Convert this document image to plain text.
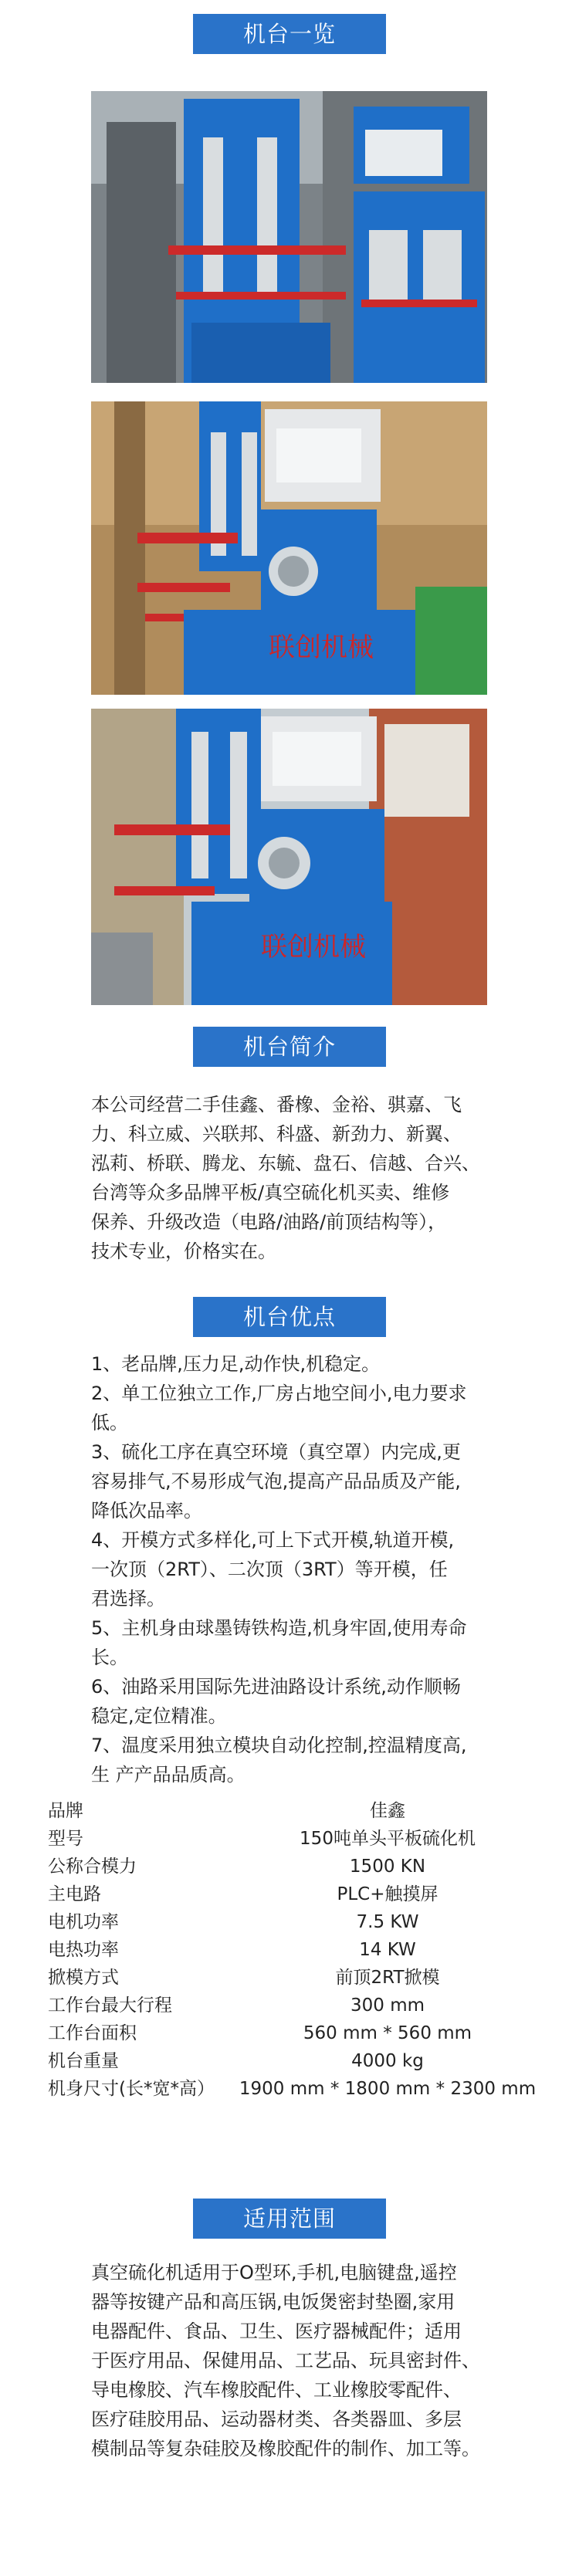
机台一览
联创机械
联创机械
机台简介
本公司经营二手佳鑫、番橡、金裕、骐嘉、飞
力、科立威、兴联邦、科盛、新劲力、新翼、
泓莉、桥联、腾龙、东毓、盘石、信越、合兴、
台湾等众多品牌平板/真空硫化机买卖、维修
保养、升级改造（电路/油路/前顶结构等），
技术专业，价格实在。
机台优点
1、老品牌,压力足,动作快,机稳定。
2、单工位独立工作,厂房占地空间小,电力要求
低。
3、硫化工序在真空环境（真空罩）内完成,更
容易排气,不易形成气泡,提高产品品质及产能,
降低次品率。
4、开模方式多样化,可上下式开模,轨道开模,
一次顶（2RT）、二次顶（3RT）等开模，任
君选择。
5、主机身由球墨铸铁构造,机身牢固,使用寿命
长。
6、油路采用国际先进油路设计系统,动作顺畅
稳定,定位精准。
7、温度采用独立模块自动化控制,控温精度高,
生 产产品品质高。
品牌	佳鑫
型号	150吨单头平板硫化机
公称合模力	1500 KN
主电路	PLC+触摸屏
电机功率	7.5 KW
电热功率	14 KW
掀模方式	前顶2RT掀模
工作台最大行程	300 mm
工作台面积	560 mm * 560 mm
机台重量	4000 kg
机身尺寸(长*宽*高）	1900 mm * 1800 mm * 2300 mm
适用范围
真空硫化机适用于O型环,手机,电脑键盘,遥控
器等按键产品和高压锅,电饭煲密封垫圈,家用
电器配件、食品、卫生、医疗器械配件；适用
于医疗用品、保健用品、工艺品、玩具密封件、
导电橡胶、汽车橡胶配件、工业橡胶零配件、
医疗硅胶用品、运动器材类、各类器皿、多层
模制品等复杂硅胶及橡胶配件的制作、加工等。
